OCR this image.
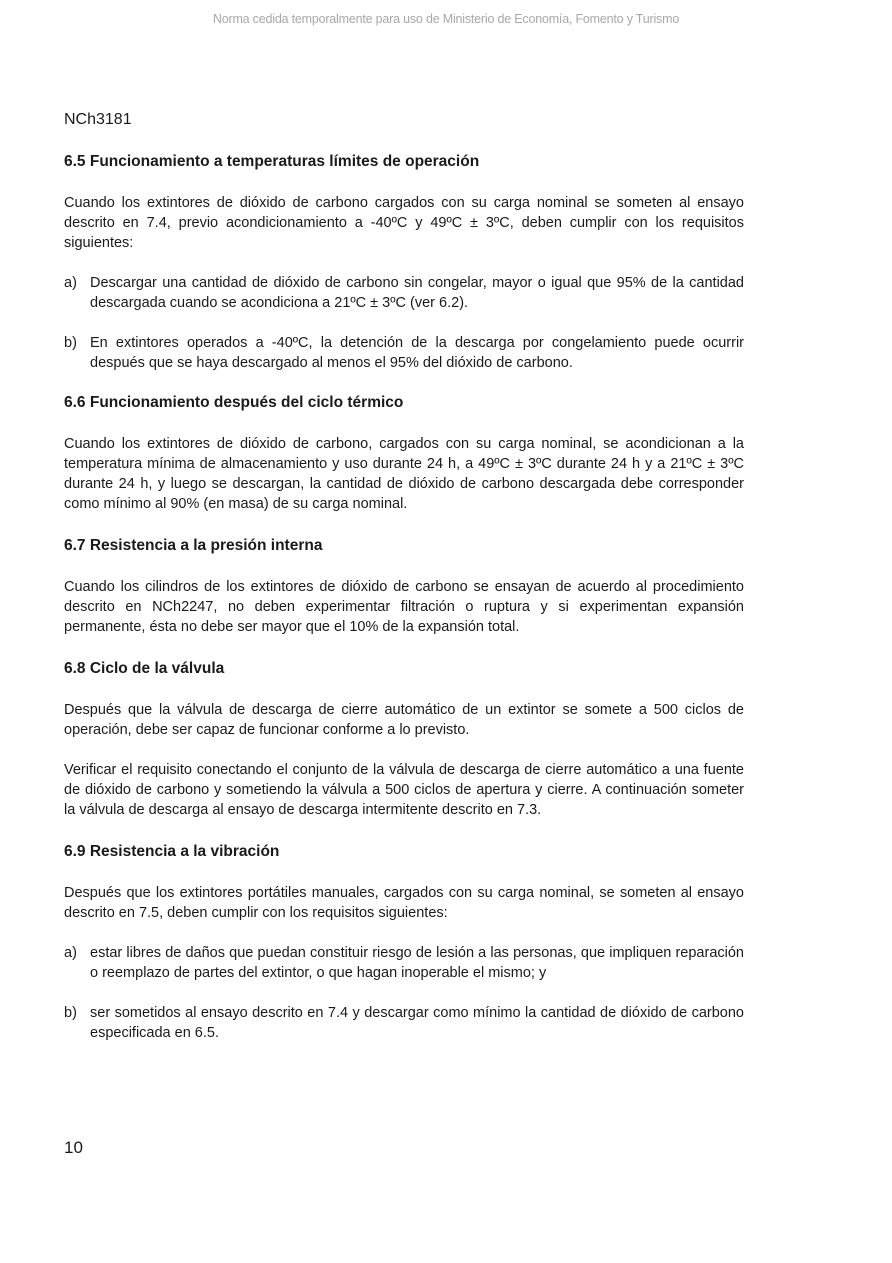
Norma cedida temporalmente para uso de Ministerio de Economía, Fomento y Turismo
NCh3181
6.5 Funcionamiento a temperaturas límites de operación

Cuando los extintores de dióxido de carbono cargados con su carga nominal se someten al ensayo descrito en 7.4, previo acondicionamiento a -40ºC y 49ºC ± 3ºC, deben cumplir con los requisitos siguientes:

a) Descargar una cantidad de dióxido de carbono sin congelar, mayor o igual que 95% de la cantidad descargada cuando se acondiciona a 21ºC ± 3ºC (ver 6.2).
b) En extintores operados a -40ºC, la detención de la descarga por congelamiento puede ocurrir después que se haya descargado al menos el 95% del dióxido de carbono.
6.6 Funcionamiento después del ciclo térmico

Cuando los extintores de dióxido de carbono, cargados con su carga nominal, se acondicionan a la temperatura mínima de almacenamiento y uso durante 24 h, a 49ºC ± 3ºC durante 24 h y a 21ºC ± 3ºC durante 24 h, y luego se descargan, la cantidad de dióxido de carbono descargada debe corresponder como mínimo al 90% (en masa) de su carga nominal.

6.7 Resistencia a la presión interna

Cuando los cilindros de los extintores de dióxido de carbono se ensayan de acuerdo al procedimiento descrito en NCh2247, no deben experimentar filtración o ruptura y si experimentan expansión permanente, ésta no debe ser mayor que el 10% de la expansión total.

6.8 Ciclo de la válvula

Después que la válvula de descarga de cierre automático de un extintor se somete a 500 ciclos de operación, debe ser capaz de funcionar conforme a lo previsto.

Verificar el requisito conectando el conjunto de la válvula de descarga de cierre automático a una fuente de dióxido de carbono y sometiendo la válvula a 500 ciclos de apertura y cierre. A continuación someter la válvula de descarga al ensayo de descarga intermitente descrito en 7.3.

6.9 Resistencia a la vibración

Después que los extintores portátiles manuales, cargados con su carga nominal, se someten al ensayo descrito en 7.5, deben cumplir con los requisitos siguientes:

a) estar libres de daños que puedan constituir riesgo de lesión a las personas, que impliquen reparación o reemplazo de partes del extintor, o que hagan inoperable el mismo; y
b) ser sometidos al ensayo descrito en 7.4 y descargar como mínimo la cantidad de dióxido de carbono especificada en 6.5.
10
